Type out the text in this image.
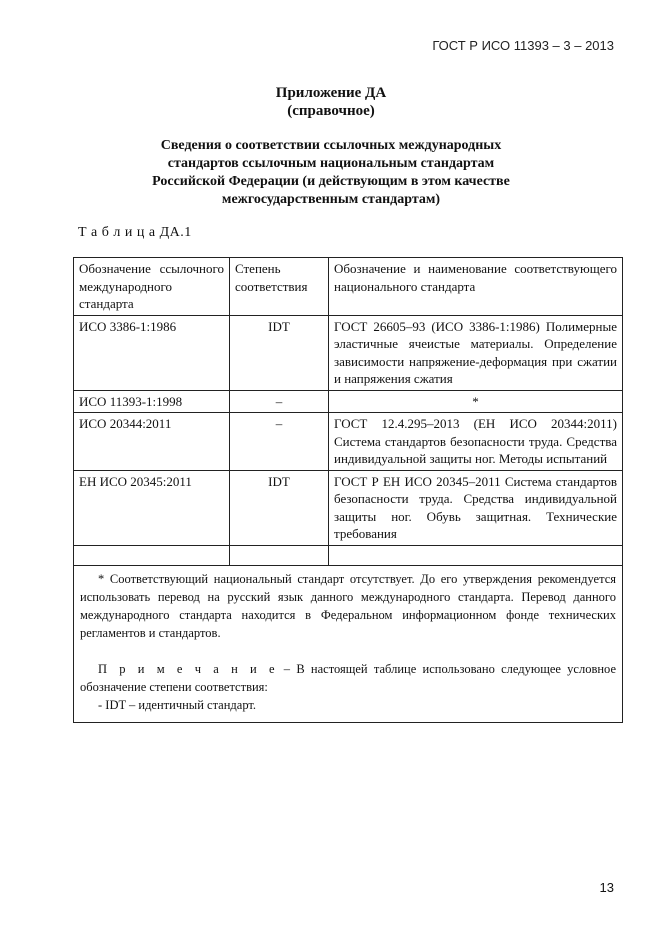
ГОСТ Р ИСО 11393 – 3 – 2013
Приложение ДА
(справочное)
Сведения о соответствии ссылочных международных
стандартов ссылочным национальным стандартам
Российской Федерации (и действующим в этом качестве
межгосударственным стандартам)
Т а б л и ц а ДА.1
Обозначение ссылочного международного стандарта	Степень соответствия	Обозначение и наименование соответствующего национального стандарта
ИСО 3386-1:1986	IDT	ГОСТ 26605–93 (ИСО 3386-1:1986) Полимерные эластичные ячеистые материалы. Определение зависимости напряжение-деформация при сжатии и напряжения сжатия
ИСО 11393-1:1998	–	*
ИСО 20344:2011	–	ГОСТ 12.4.295–2013 (ЕН ИСО 20344:2011) Система стандартов безопасности труда. Средства индивидуальной защиты ног. Методы испытаний
ЕН ИСО 20345:2011	IDT	ГОСТ Р ЕН ИСО 20345–2011 Система стандартов безопасности труда. Средства индивидуальной защиты ног. Обувь защитная. Технические требования

* Соответствующий национальный стандарт отсутствует. До его утверждения рекомендуется использовать перевод на русский язык данного международного стандарта. Перевод данного международного стандарта находится в Федеральном информационном фонде технических регламентов и стандартов.

П р и м е ч а н и е – В настоящей таблице использовано следующее условное обозначение степени соответствия:

- IDT – идентичный стандарт.		

13
